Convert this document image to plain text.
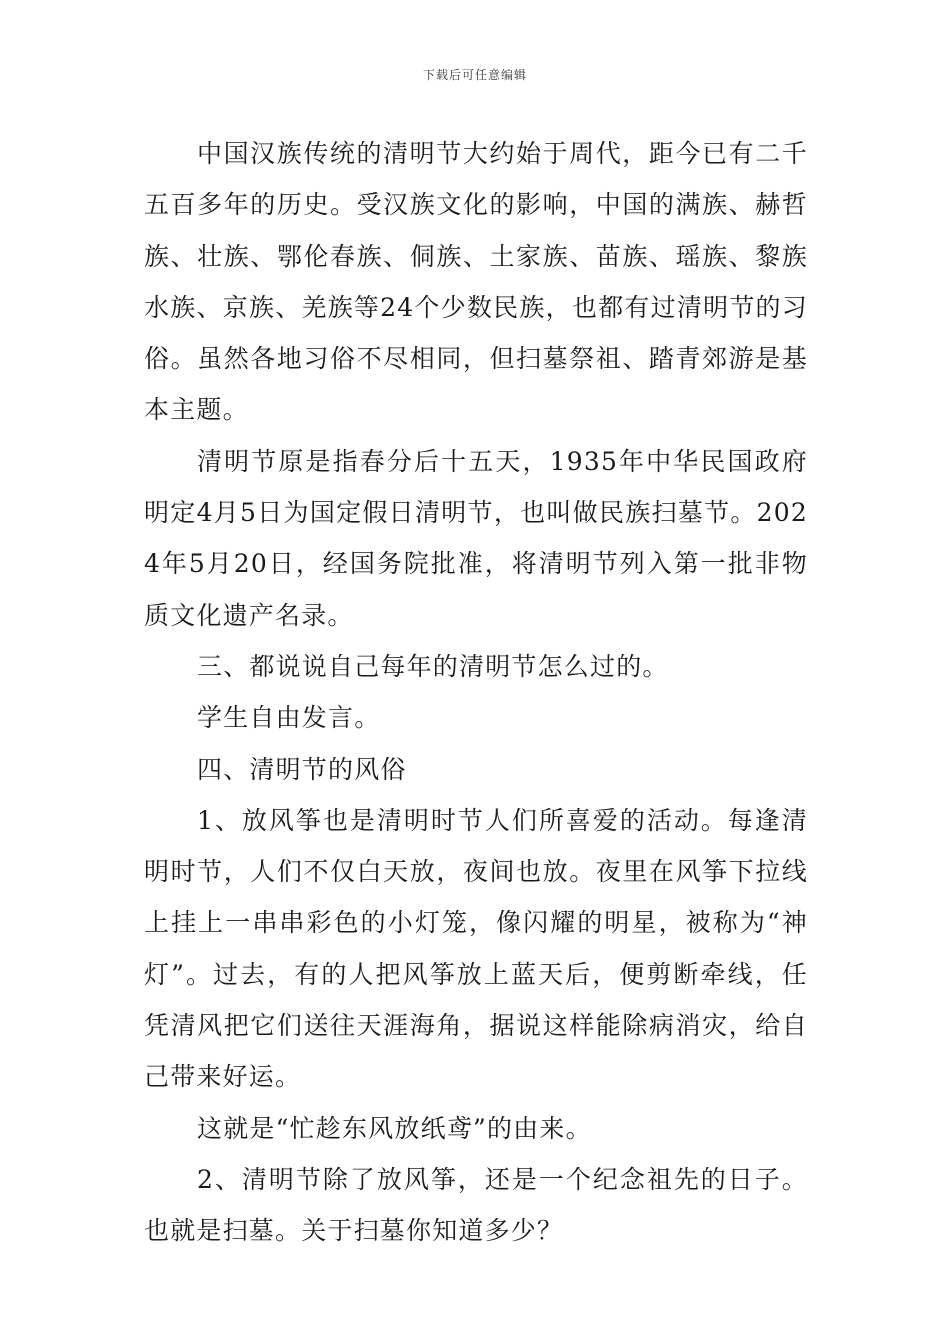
下载后可任意编辑

中国汉族传统的清明节大约始于周代，距今已有二千五百多年的历史。受汉族文化的影响，中国的满族、赫哲族、壮族、鄂伦春族、侗族、土家族、苗族、瑶族、黎族水族、京族、羌族等24个少数民族，也都有过清明节的习俗。虽然各地习俗不尽相同，但扫墓祭祖、踏青郊游是基本主题。

清明节原是指春分后十五天，1935年中华民国政府明定4月5日为国定假日清明节，也叫做民族扫墓节。2024年5月20日，经国务院批准，将清明节列入第一批非物质文化遗产名录。

三、都说说自己每年的清明节怎么过的。

学生自由发言。

四、清明节的风俗

1、放风筝也是清明时节人们所喜爱的活动。每逢清明时节，人们不仅白天放，夜间也放。夜里在风筝下拉线上挂上一串串彩色的小灯笼，像闪耀的明星，被称为“神灯”。过去，有的人把风筝放上蓝天后，便剪断牵线，任凭清风把它们送往天涯海角，据说这样能除病消灾，给自己带来好运。

这就是“忙趁东风放纸鸢”的由来。

2、清明节除了放风筝，还是一个纪念祖先的日子。也就是扫墓。关于扫墓你知道多少？
